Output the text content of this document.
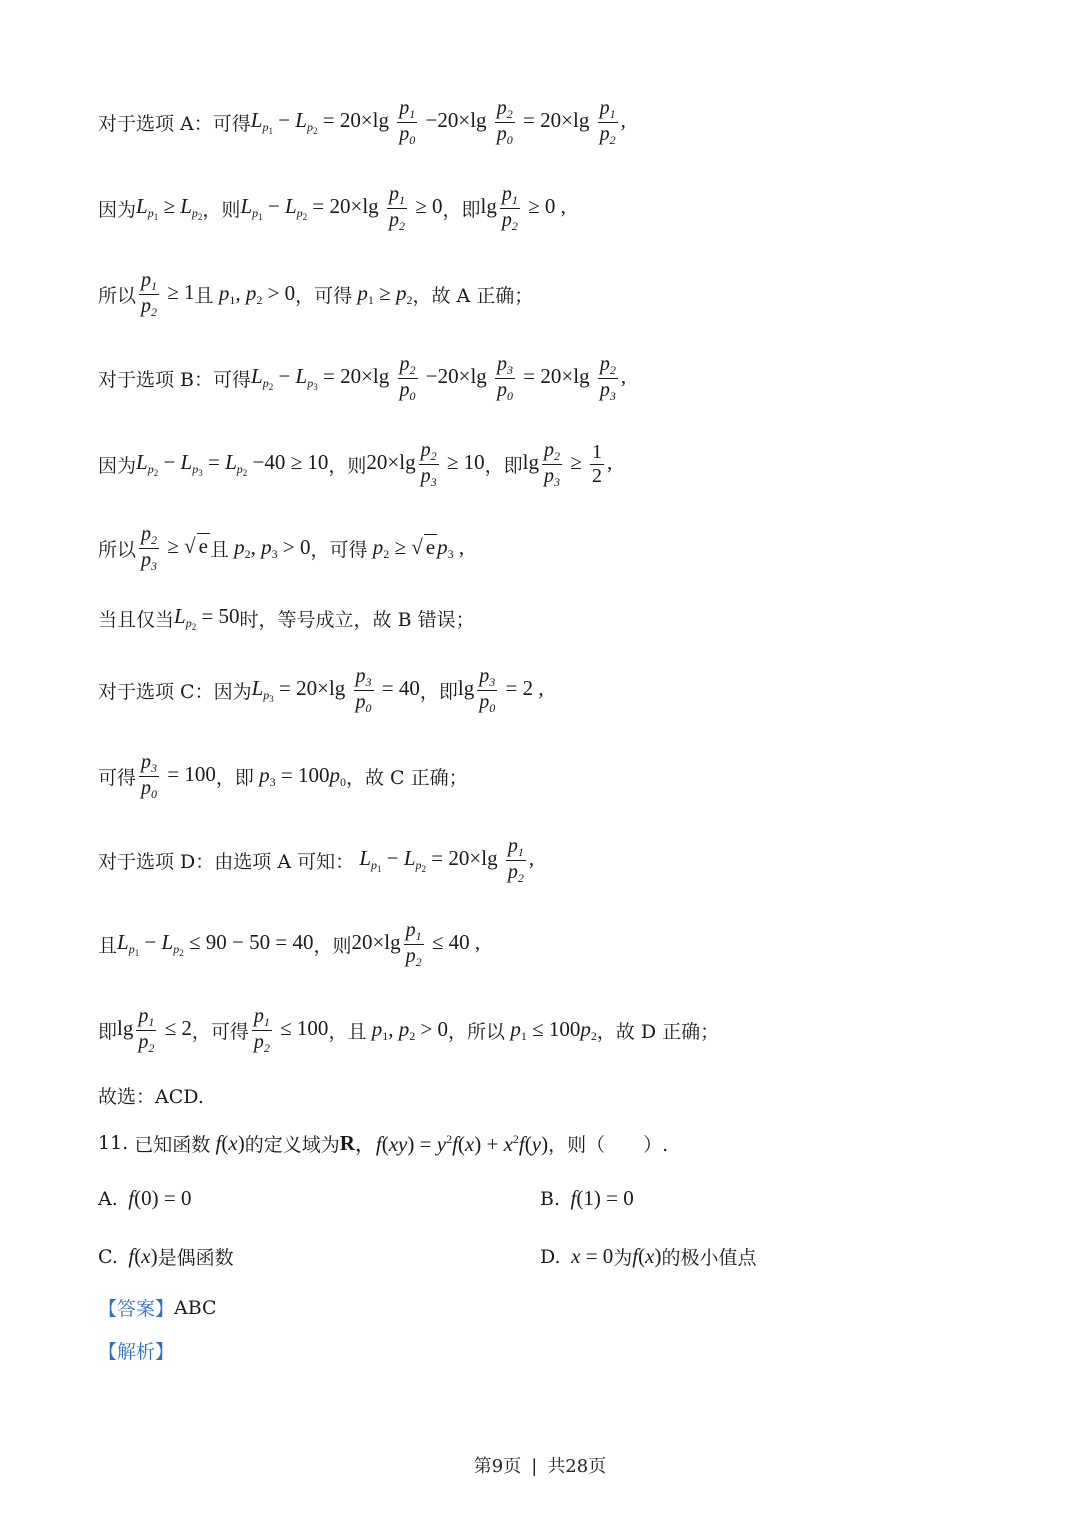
对于选项 A：可得 $L_{p_1} - L_{p_2} = 20\times\lg \frac{p_1}{p_0} -20\times\lg \frac{p_2}{p_0} = 20\times\lg \frac{p_1}{p_2}$ ,
因为 $L_{p_1} \ge L_{p_2}$ ，则 $L_{p_1} - L_{p_2} = 20\times\lg \frac{p_1}{p_2} \ge 0$ ，即 $\lg \frac{p_1}{p_2} \ge 0$ ,
所以 $\frac{p_1}{p_2} \ge 1$ 且 $p_1$, $p_2 > 0$ ，可得 $p_1 \ge p_2$ ，故 A 正确；
对于选项 B：可得 $L_{p_2} - L_{p_3} = 20\times\lg \frac{p_2}{p_0} -20\times\lg \frac{p_3}{p_0} = 20\times\lg \frac{p_2}{p_3}$ ,
因为 $L_{p_2} - L_{p_3} = L_{p_2} -40 \ge 10$ ，则 $20\times\lg \frac{p_2}{p_3} \ge 10$ ，即 $\lg \frac{p_2}{p_3} \ge \frac{1}{2}$ ,
所以 $\frac{p_2}{p_3}$ ≥ √ e 且 $p_2$, $p_3 > 0$ ，可得 $p_2$ ≥ √ $ep_3$ ,
当且仅当 $L_{p_2} = 50$ 时，等号成立，故 B 错误；
对于选项 C：因为 $L_{p_3} = 20\times\lg \frac{p_3}{p_0} = 40$ ，即 $\lg \frac{p_3}{p_0} = 2$ ,
可得 $\frac{p_3}{p_0} = 100$ ，即 $p_3 = 100p_0$ ，故 C 正确；
对于选项 D：由选项 A 可知： $L_{p_1} - L_{p_2} = 20\times\lg \frac{p_1}{p_2}$ ,
且 $L_{p_1} - L_{p_2} \le 90 - 50 = 40$ ，则 $20\times\lg \frac{p_1}{p_2} \le 40$ ,
即 $\lg \frac{p_1}{p_2} \le 2$ ，可得 $\frac{p_1}{p_2} \le 100$ ，且 $p_1$, $p_2 > 0$ ，所以 $p_1 \le 100p_2$ ，故 D 正确；
故选：ACD.
11.
已知函数 f(x) 的定义域为 R ，$f(xy) = y^2f(x) + x^2f(y)$ ，则（　　）.
A. f(0) = 0	B. f(1) = 0
C. f(x) 是偶函数	D. x = 0 为 f(x) 的极小值点
【答案】 ABC
【解析】
第9页 | 共28页
